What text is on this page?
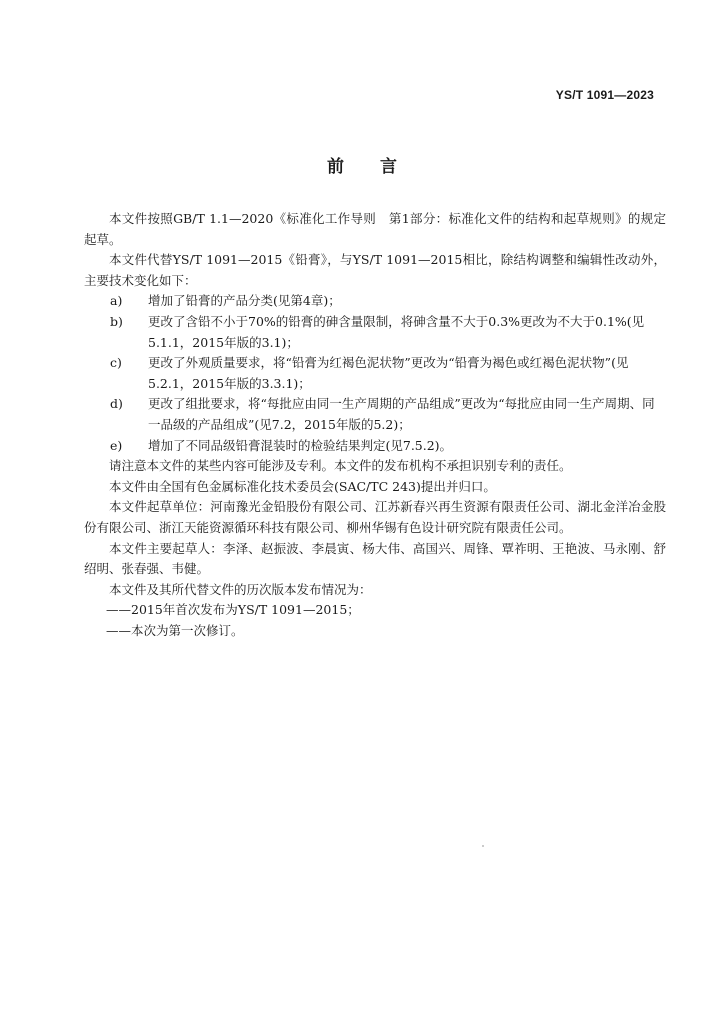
YS/T 1091—2023
前言

本文件按照GB/T 1.1—2020《标准化工作导则　第1部分：标准化文件的结构和起草规则》的规定起草。

本文件代替YS/T 1091—2015《铅膏》，与YS/T 1091—2015相比，除结构调整和编辑性改动外，主要技术变化如下：

a)	增加了铅膏的产品分类(见第4章)；
b)	更改了含铅不小于70%的铅膏的砷含量限制，将砷含量不大于0.3%更改为不大于0.1%(见5.1.1，2015年版的3.1)；
c)	更改了外观质量要求，将“铅膏为红褐色泥状物”更改为“铅膏为褐色或红褐色泥状物”(见5.2.1，2015年版的3.3.1)；
d)	更改了组批要求，将“每批应由同一生产周期的产品组成”更改为“每批应由同一生产周期、同一品级的产品组成”(见7.2，2015年版的5.2)；
e)	增加了不同品级铅膏混装时的检验结果判定(见7.5.2)。

请注意本文件的某些内容可能涉及专利。本文件的发布机构不承担识别专利的责任。

本文件由全国有色金属标准化技术委员会(SAC/TC 243)提出并归口。

本文件起草单位：河南豫光金铅股份有限公司、江苏新春兴再生资源有限责任公司、湖北金洋冶金股份有限公司、浙江天能资源循环科技有限公司、柳州华锡有色设计研究院有限责任公司。

本文件主要起草人：李泽、赵振波、李晨寅、杨大伟、高国兴、周锋、覃祚明、王艳波、马永刚、舒绍明、张春强、韦健。

本文件及其所代替文件的历次版本发布情况为：

——2015年首次发布为YS/T 1091—2015；

——本次为第一次修订。
